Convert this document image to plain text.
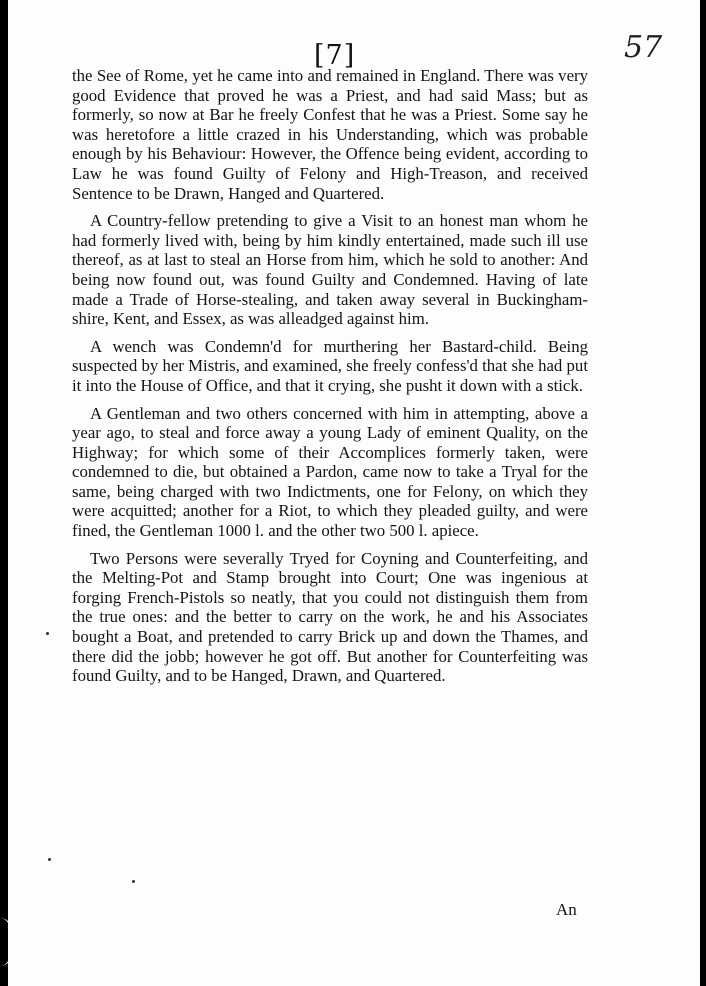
[7]	57

the See of Rome, yet he came into and remained in England. There was very good Evidence that proved he was a Priest, and had said Mass; but as formerly, so now at Bar he freely Confest that he was a Priest. Some say he was heretofore a little crazed in his Understanding, which was probable enough by his Behaviour: However, the Offence being evident, according to Law he was found Guilty of Felony and High-Treason, and received Sentence to be Drawn, Hanged and Quartered.

A Country-fellow pretending to give a Visit to an honest man whom he had formerly lived with, being by him kindly entertained, made such ill use thereof, as at last to steal an Horse from him, which he sold to another: And being now found out, was found Guilty and Condemned. Having of late made a Trade of Horse-stealing, and taken away several in Buckingham-shire, Kent, and Essex, as was alleadged against him.

A wench was Condemn'd for murthering her Bastard-child. Being suspected by her Mistris, and examined, she freely confess'd that she had put it into the House of Office, and that it crying, she pusht it down with a stick.

A Gentleman and two others concerned with him in attempting, above a year ago, to steal and force away a young Lady of eminent Quality, on the Highway; for which some of their Accomplices formerly taken, were condemned to die, but obtained a Pardon, came now to take a Tryal for the same, being charged with two Indictments, one for Felony, on which they were acquitted; another for a Riot, to which they pleaded guilty, and were fined, the Gentleman 1000 l. and the other two 500 l. apiece.

Two Persons were severally Tryed for Coyning and Counterfeiting, and the Melting-Pot and Stamp brought into Court; One was ingenious at forging French-Pistols so neatly, that you could not distinguish them from the true ones: and the better to carry on the work, he and his Associates bought a Boat, and pretended to carry Brick up and down the Thames, and there did the jobb; however he got off. But another for Counterfeiting was found Guilty, and to be Hanged, Drawn, and Quartered.

An
